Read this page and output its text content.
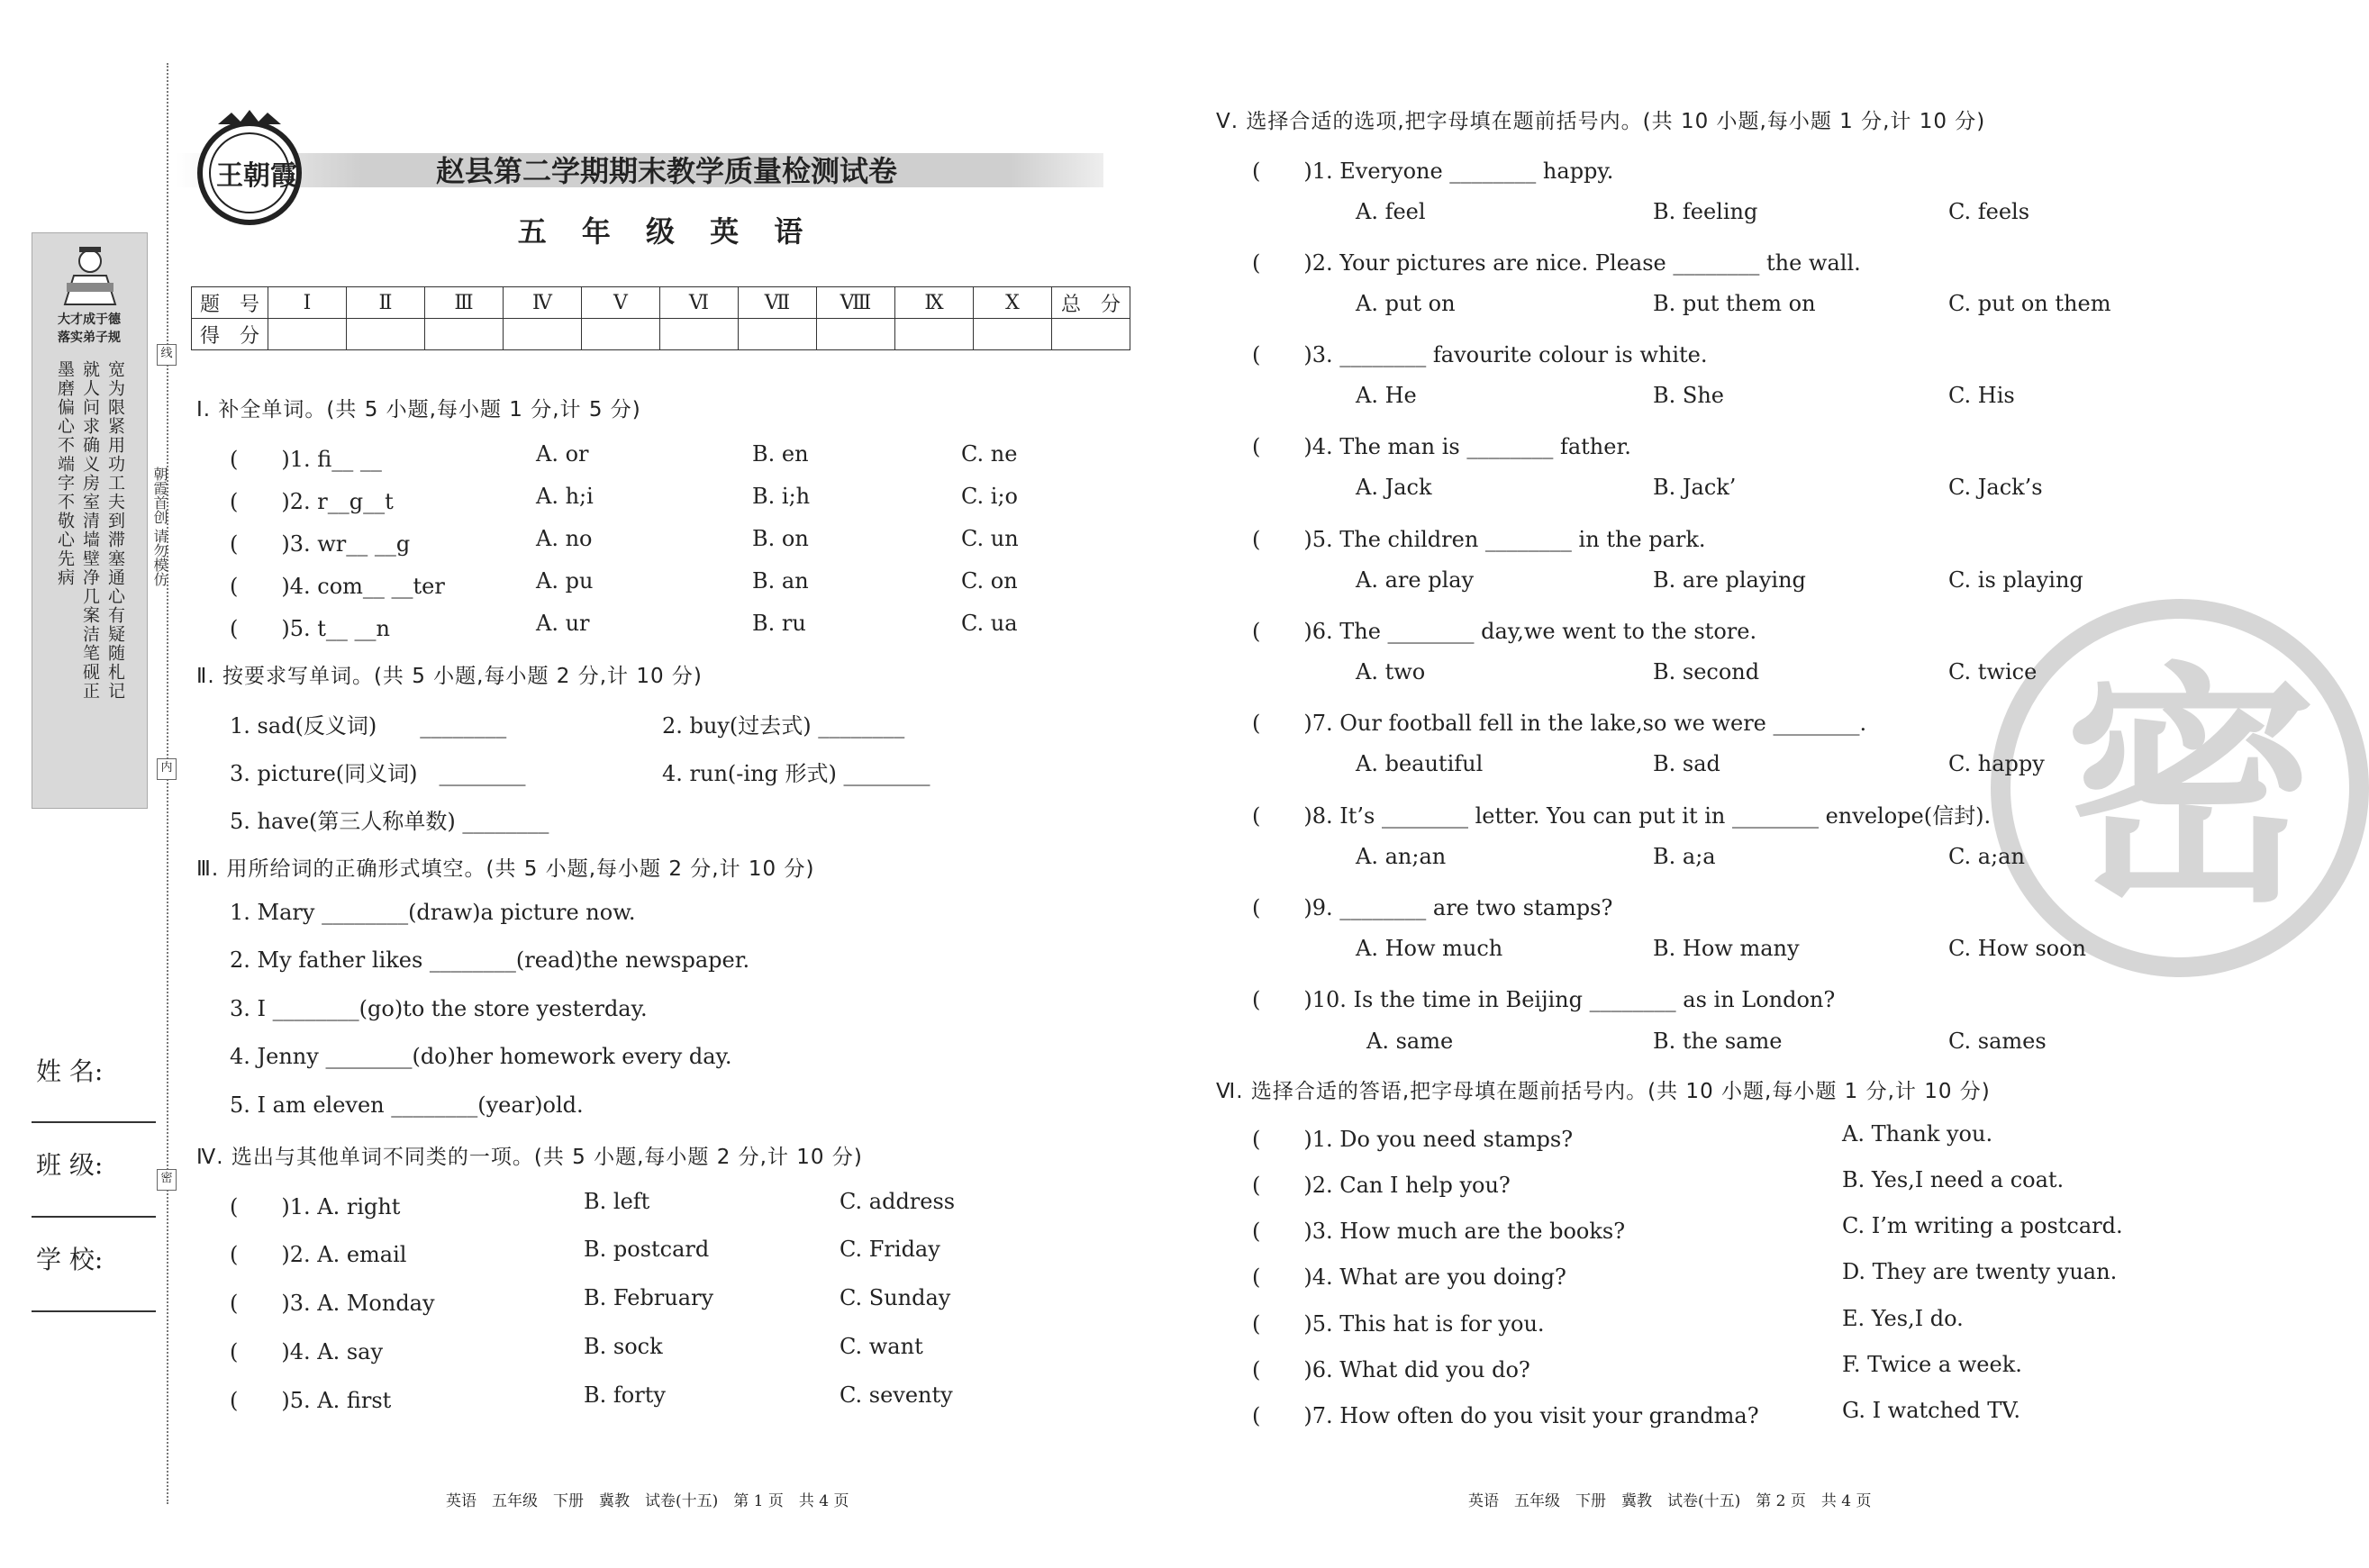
大才成于德
落实弟子规
墨磨偏心不端字不敬心先病 就人问求确义房室清墙壁净几案洁笔砚正 宽为限紧用功工夫到滞塞通心有疑随札记 朝霞首创 请勿模仿
线
内
密
姓 名:
班 级:
学 校:
王朝霞	赵县第二学期期末教学质量检测试卷
五 年 级 英 语
题　号	Ⅰ	Ⅱ	Ⅲ	Ⅳ	Ⅴ	Ⅵ	Ⅶ	Ⅷ	Ⅸ	Ⅹ	总　分
得　分											
Ⅰ. 补全单词。(共 5 小题,每小题 1 分,计 5 分)
(　　)1. fi__ __	A. or	B. en	C. ne
(　　)2. r__g__t	A. h;i	B. i;h	C. i;o
(　　)3. wr__ __g	A. no	B. on	C. un
(　　)4. com__ __ter	A. pu	B. an	C. on
(　　)5. t__ __n	A. ur	B. ru	C. ua
Ⅱ. 按要求写单词。(共 5 小题,每小题 2 分,计 10 分)
1. sad(反义词)　　________	2. buy(过去式) ________
3. picture(同义词)　________	4. run(-ing 形式) ________
5. have(第三人称单数) ________
Ⅲ. 用所给词的正确形式填空。(共 5 小题,每小题 2 分,计 10 分)
1. Mary ________(draw)a picture now.
2. My father likes ________(read)the newspaper.
3. I ________(go)to the store yesterday.
4. Jenny ________(do)her homework every day.
5. I am eleven ________(year)old.
Ⅳ. 选出与其他单词不同类的一项。(共 5 小题,每小题 2 分,计 10 分)
(　　)1. A. right	B. left	C. address
(　　)2. A. email	B. postcard	C. Friday
(　　)3. A. Monday	B. February	C. Sunday
(　　)4. A. say	B. sock	C. want
(　　)5. A. first	B. forty	C. seventy
英语　五年级　下册　冀教　试卷(十五)　第 1 页　共 4 页
密
Ⅴ. 选择合适的选项,把字母填在题前括号内。(共 10 小题,每小题 1 分,计 10 分)
(　　)1. Everyone ________ happy.
A. feel	B. feeling	C. feels
(　　)2. Your pictures are nice. Please ________ the wall.
A. put on	B. put them on	C. put on them
(　　)3. ________ favourite colour is white.
A. He	B. She	C. His
(　　)4. The man is ________ father.
A. Jack	B. Jack’	C. Jack’s
(　　)5. The children ________ in the park.
A. are play	B. are playing	C. is playing
(　　)6. The ________ day,we went to the store.
A. two	B. second	C. twice
(　　)7. Our football fell in the lake,so we were ________.
A. beautiful	B. sad	C. happy
(　　)8. It’s ________ letter. You can put it in ________ envelope(信封).
A. an;an	B. a;a	C. a;an
(　　)9. ________ are two stamps?
A. How much	B. How many	C. How soon
(　　)10. Is the time in Beijing ________ as in London?
A. same	B. the same	C. sames
Ⅵ. 选择合适的答语,把字母填在题前括号内。(共 10 小题,每小题 1 分,计 10 分)
(　　)1. Do you need stamps?	A. Thank you.
(　　)2. Can I help you?	B. Yes,I need a coat.
(　　)3. How much are the books?	C. I’m writing a postcard.
(　　)4. What are you doing?	D. They are twenty yuan.
(　　)5. This hat is for you.	E. Yes,I do.
(　　)6. What did you do?	F. Twice a week.
(　　)7. How often do you visit your grandma?	G. I watched TV.
英语　五年级　下册　冀教　试卷(十五)　第 2 页　共 4 页
